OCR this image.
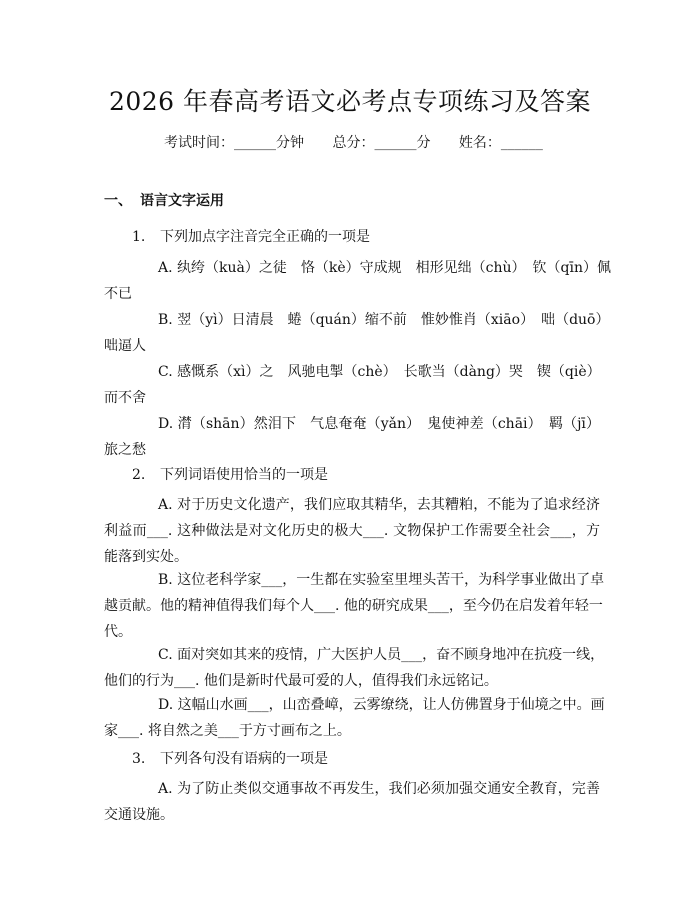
2026 年春高考语文必考点专项练习及答案
考试时间：______分钟 总分：______分 姓名：______
一、 语言文字运用
1. 下列加点字注音完全正确的一项是
A. 纨绔（kuà）之徒　恪（kè）守成规　相形见绌（chù）　钦（qīn）佩
不已
B. 翌（yì）日清晨　蜷（quán）缩不前　惟妙惟肖（xiāo）　咄（duō）
咄逼人
C. 感慨系（xì）之　风驰电掣（chè）　长歌当（dàng）哭　锲（qiè）
而不舍
D. 潸（shān）然泪下　气息奄奄（yǎn）　鬼使神差（chāi）　羁（jī）
旅之愁
2. 下列词语使用恰当的一项是
A. 对于历史文化遗产，我们应取其精华，去其糟粕，不能为了追求经济
利益而___. 这种做法是对文化历史的极大___. 文物保护工作需要全社会___，方
能落到实处。
B. 这位老科学家___，一生都在实验室里埋头苦干，为科学事业做出了卓
越贡献。他的精神值得我们每个人___. 他的研究成果___，至今仍在启发着年轻一
代。
C. 面对突如其来的疫情，广大医护人员___，奋不顾身地冲在抗疫一线，
他们的行为___. 他们是新时代最可爱的人，值得我们永远铭记。
D. 这幅山水画___，山峦叠嶂，云雾缭绕，让人仿佛置身于仙境之中。画
家___. 将自然之美___于方寸画布之上。
3. 下列各句没有语病的一项是
A. 为了防止类似交通事故不再发生，我们必须加强交通安全教育，完善
交通设施。
